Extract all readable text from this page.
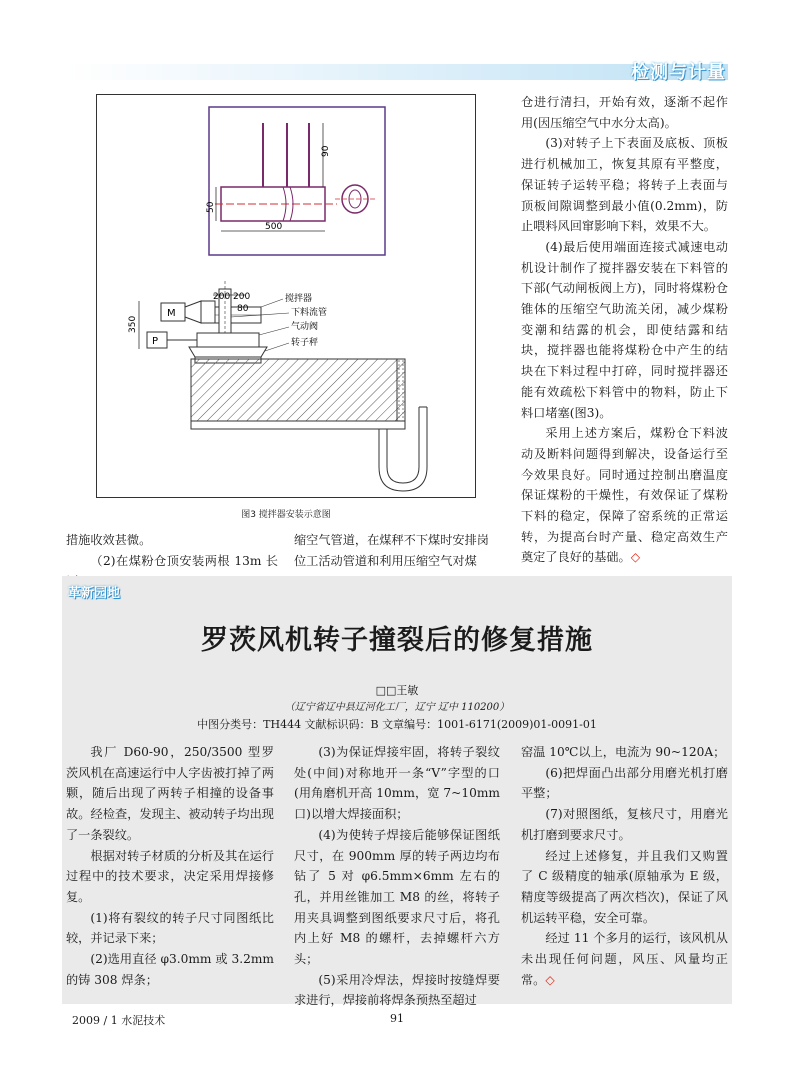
检测与计量
90
50
500
M
P
200 200
80
350
搅拌器
下料流管
气动阀
转子秤
图3 搅拌器安装示意图

措施收效甚微。

（2)在煤粉仓顶安装两根 13m 长

缩空气管道，在煤秤不下煤时安排岗

位工活动管道和利用压缩空气对煤

仓进行清扫，开始有效，逐渐不起作用(因压缩空气中水分太高)。

(3)对转子上下表面及底板、顶板进行机械加工，恢复其原有平整度，保证转子运转平稳；将转子上表面与顶板间隙调整到最小值(0.2mm)，防止喂料风回窜影响下料，效果不大。

(4)最后使用端面连接式减速电动机设计制作了搅拌器安装在下料管的下部(气动闸板阀上方)，同时将煤粉仓锥体的压缩空气助流关闭，减少煤粉变潮和结露的机会，即使结露和结块，搅拌器也能将煤粉仓中产生的结块在下料过程中打碎，同时搅拌器还能有效疏松下料管中的物料，防止下料口堵塞(图3)。

采用上述方案后，煤粉仓下料波动及断料问题得到解决，设备运行至今效果良好。同时通过控制出磨温度保证煤粉的干燥性，有效保证了煤粉下料的稳定，保障了窑系统的正常运转，为提高台时产量、稳定高效生产奠定了良好的基础。◇

革新园地
罗茨风机转子撞裂后的修复措施
□□王敏
（辽宁省辽中县辽河化工厂，辽宁 辽中 110200）
中图分类号：TH444 文献标识码：B 文章编号：1001-6171(2009)01-0091-01

我厂 D60-90，250/3500 型罗茨风机在高速运行中人字齿被打掉了两颗，随后出现了两转子相撞的设备事故。经检查，发现主、被动转子均出现了一条裂纹。

根据对转子材质的分析及其在运行过程中的技术要求，决定采用焊接修复。

(1)将有裂纹的转子尺寸同图纸比较，并记录下来；

(2)选用直径 φ3.0mm 或 3.2mm 的铸 308 焊条；

(3)为保证焊接牢固，将转子裂纹处(中间)对称地开一条“V”字型的口(用角磨机开高 10mm，宽 7~10mm 口)以增大焊接面积；

(4)为使转子焊接后能够保证图纸尺寸，在 900mm 厚的转子两边均布钻了 5 对 φ6.5mm×6mm 左右的孔，并用丝锥加工 M8 的丝，将转子用夹具调整到图纸要求尺寸后，将孔内上好 M8 的螺杆，去掉螺杆六方头；

(5)采用冷焊法，焊接时按缝焊要求进行，焊接前将焊条预热至超过

窑温 10℃以上，电流为 90~120A；

(6)把焊面凸出部分用磨光机打磨平整；

(7)对照图纸，复核尺寸，用磨光机打磨到要求尺寸。

经过上述修复，并且我们又购置了 C 级精度的轴承(原轴承为 E 级，精度等级提高了两次档次)，保证了风机运转平稳，安全可靠。

经过 11 个多月的运行，该风机从未出现任何问题，风压、风量均正常。◇

2009 / 1 水泥技术	91
